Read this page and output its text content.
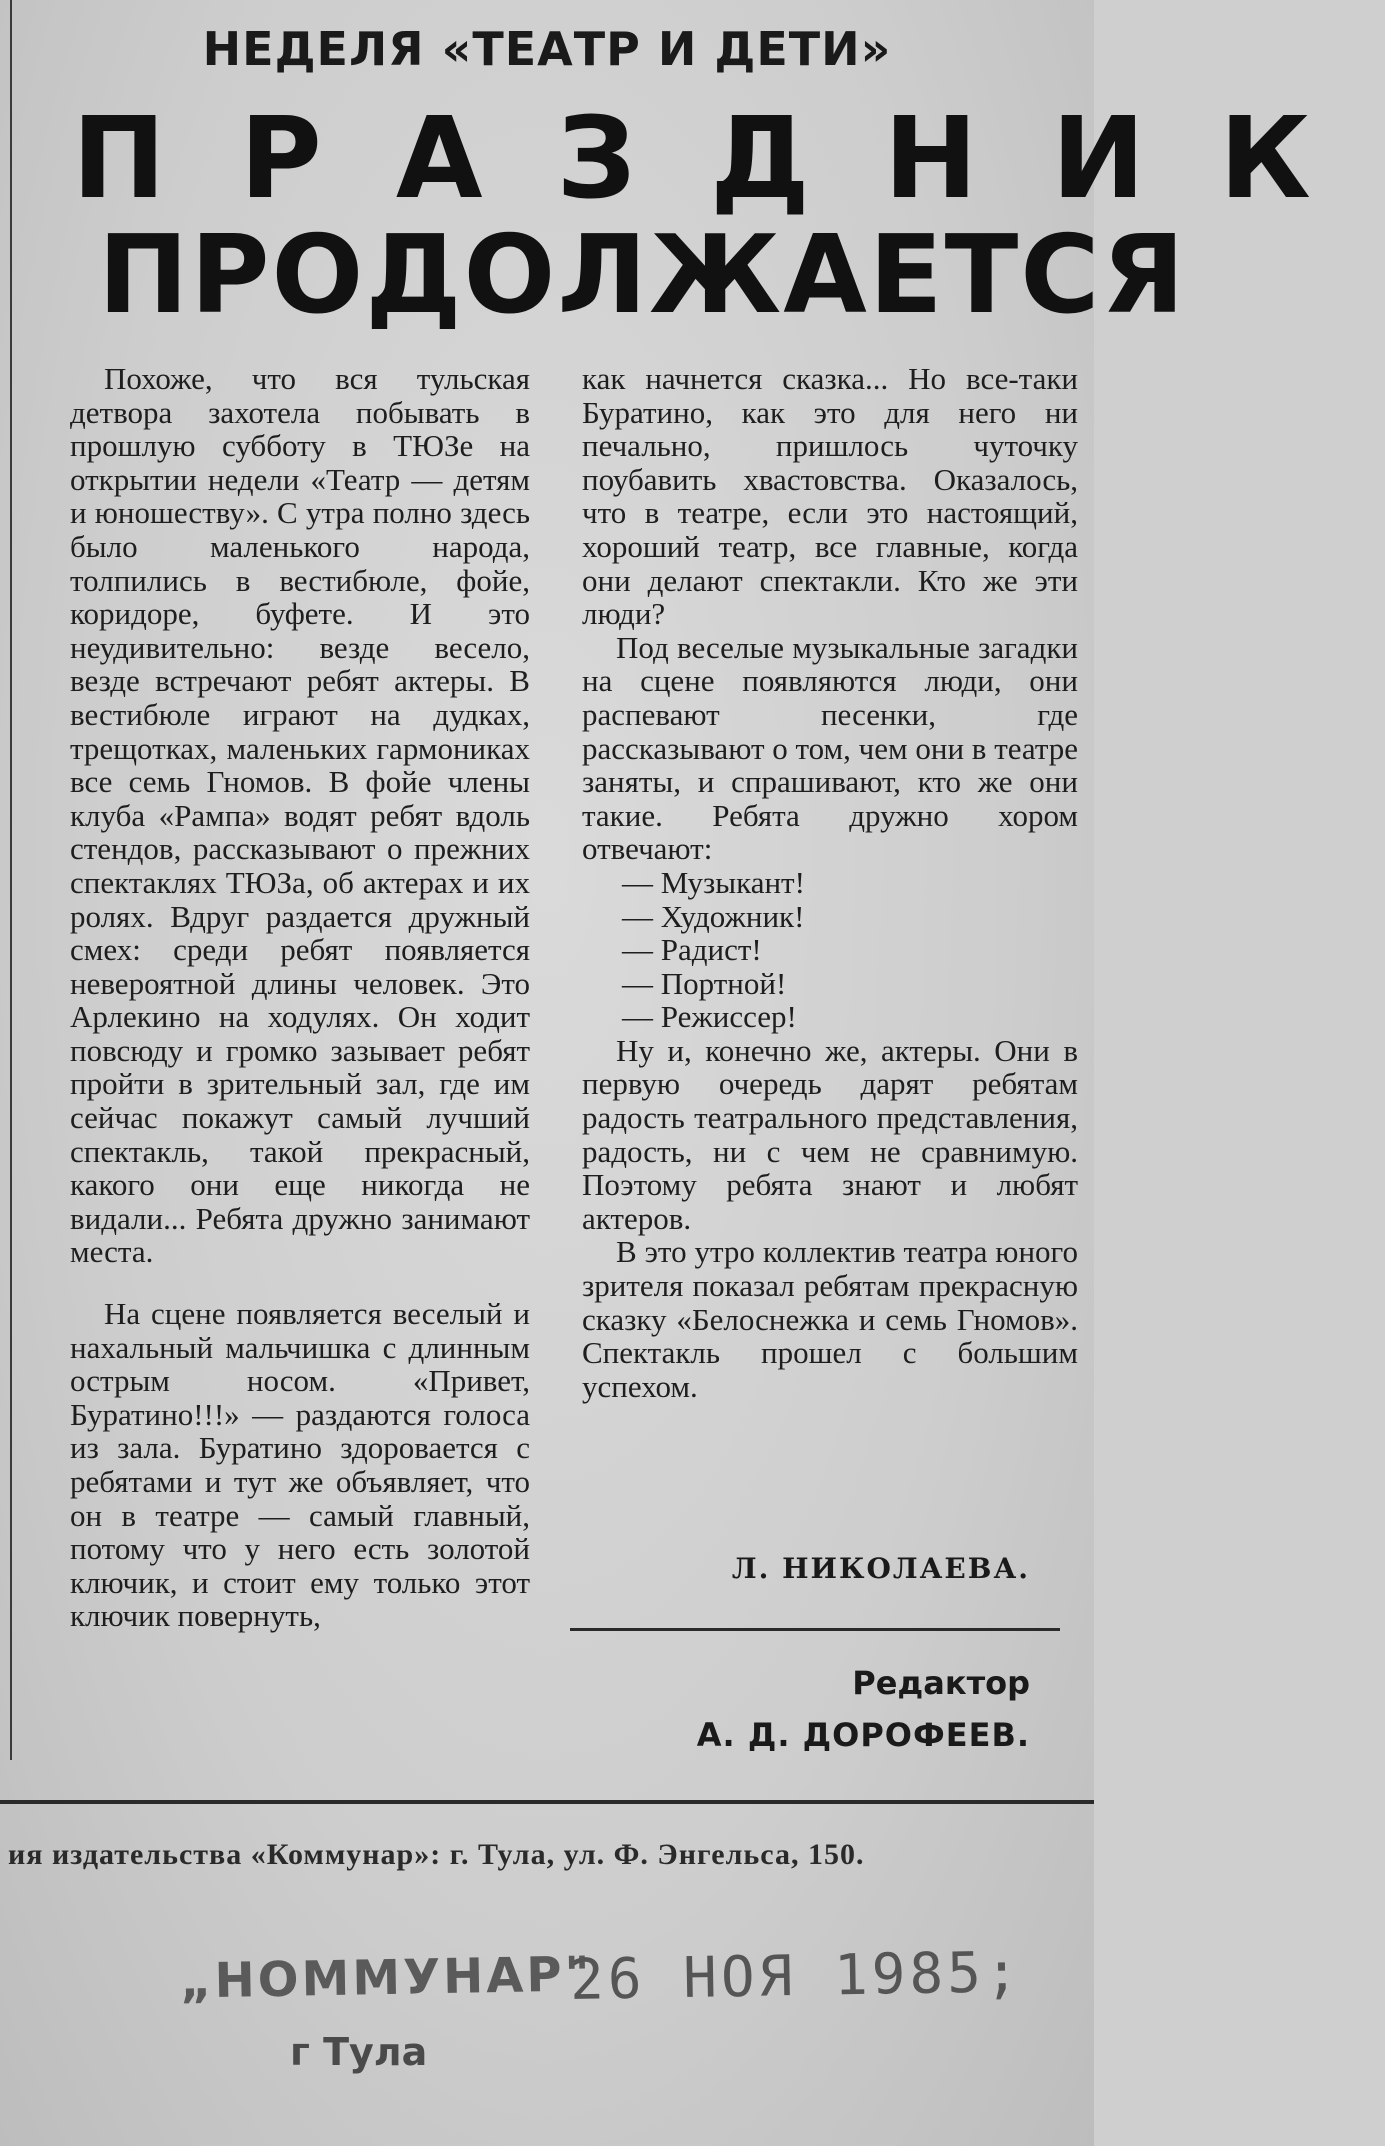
НЕДЕЛЯ «ТЕАТР И ДЕТИ»
ПРАЗДНИК
ПРОДОЛЖАЕТСЯ

Похоже, что вся тульская детвора захотела побывать в прошлую субботу в ТЮЗе на открытии недели «Театр — детям и юношеству». С утра полно здесь было маленького народа, толпились в вестибюле, фойе, коридоре, буфете. И это неудивительно: везде весело, везде встречают ребят актеры. В вестибюле играют на дудках, трещотках, маленьких гармониках все семь Гномов. В фойе члены клуба «Рампа» водят ребят вдоль стендов, рассказывают о прежних спектаклях ТЮЗа, об актерах и их ролях. Вдруг раздается дружный смех: среди ребят появляется невероятной длины человек. Это Арлекино на ходулях. Он ходит повсюду и громко зазывает ребят пройти в зрительный зал, где им сейчас покажут самый лучший спектакль, такой прекрасный, какого они еще никогда не видали... Ребята дружно занимают места.

На сцене появляется веселый и нахальный мальчишка с длинным острым носом. «Привет, Буратино!!!» — раздаются голоса из зала. Буратино здоровается с ребятами и тут же объявляет, что он в театре — самый главный, потому что у него есть золотой ключик, и стоит ему только этот ключик повернуть,

как начнется сказка... Но все-таки Буратино, как это для него ни печально, пришлось чуточку поубавить хвастовства. Оказалось, что в театре, если это настоящий, хороший театр, все главные, когда они делают спектакли. Кто же эти люди?

Под веселые музыкальные загадки на сцене появляются люди, они распевают песенки, где рассказывают о том, чем они в театре заняты, и спрашивают, кто же они такие. Ребята дружно хором отвечают:

— Музыкант!

— Художник!

— Радист!

— Портной!

— Режиссер!

Ну и, конечно же, актеры. Они в первую очередь дарят ребятам радость театрального представления, радость, ни с чем не сравнимую. Поэтому ребята знают и любят актеров.

В это утро коллектив театра юного зрителя показал ребятам прекрасную сказку «Белоснежка и семь Гномов». Спектакль прошел с большим успехом.

Л. НИКОЛАЕВА.
Редактор
А. Д. ДОРОФЕЕВ.
ия издательства «Коммунар»: г. Тула, ул. Ф. Энгельса, 150.
„НОММУНАР"
26 НОЯ 1985;
г Тула
